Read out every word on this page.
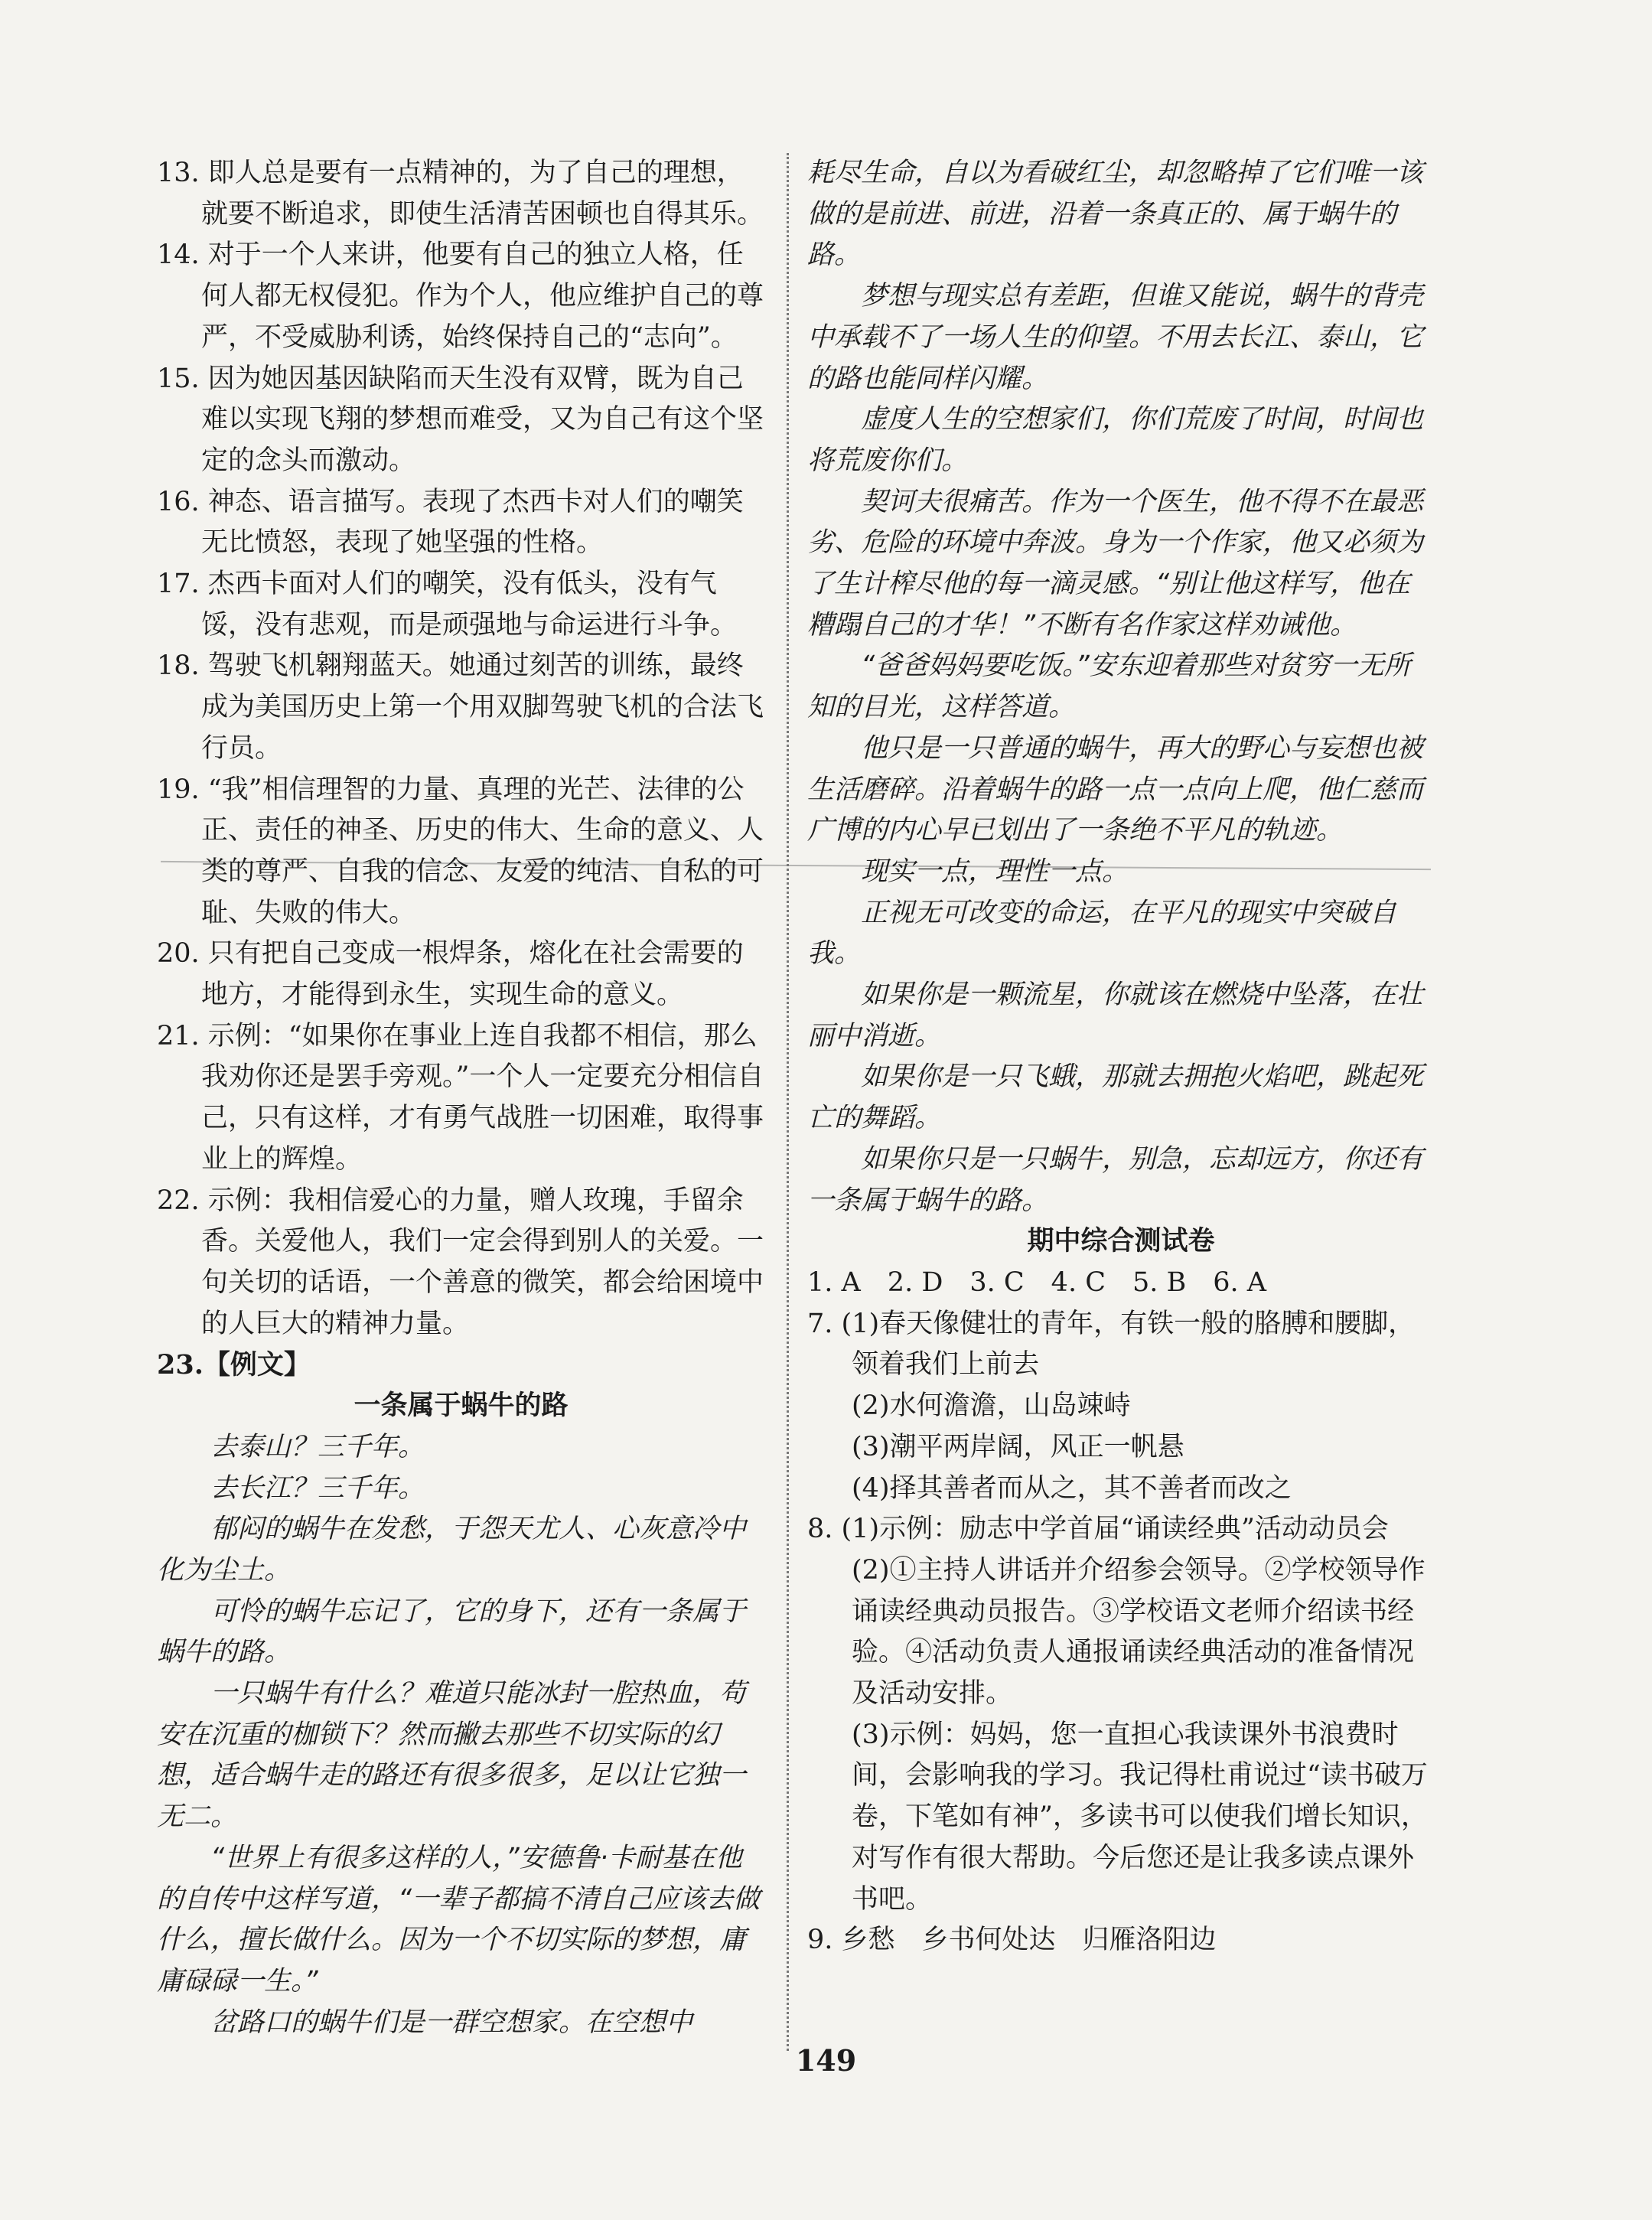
13. 即人总是要有一点精神的，为了自己的理想，就要不断追求，即使生活清苦困顿也自得其乐。

14. 对于一个人来讲，他要有自己的独立人格，任何人都无权侵犯。作为个人，他应维护自己的尊严，不受威胁利诱，始终保持自己的“志向”。

15. 因为她因基因缺陷而天生没有双臂，既为自己难以实现飞翔的梦想而难受，又为自己有这个坚定的念头而激动。

16. 神态、语言描写。表现了杰西卡对人们的嘲笑无比愤怒，表现了她坚强的性格。

17. 杰西卡面对人们的嘲笑，没有低头，没有气馁，没有悲观，而是顽强地与命运进行斗争。

18. 驾驶飞机翱翔蓝天。她通过刻苦的训练，最终成为美国历史上第一个用双脚驾驶飞机的合法飞行员。

19. “我”相信理智的力量、真理的光芒、法律的公正、责任的神圣、历史的伟大、生命的意义、人类的尊严、自我的信念、友爱的纯洁、自私的可耻、失败的伟大。

20. 只有把自己变成一根焊条，熔化在社会需要的地方，才能得到永生，实现生命的意义。

21. 示例：“如果你在事业上连自我都不相信，那么我劝你还是罢手旁观。”一个人一定要充分相信自己，只有这样，才有勇气战胜一切困难，取得事业上的辉煌。

22. 示例：我相信爱心的力量，赠人玫瑰，手留余香。关爱他人，我们一定会得到别人的关爱。一句关切的话语，一个善意的微笑，都会给困境中的人巨大的精神力量。

23.【例文】

一条属于蜗牛的路

去泰山？三千年。

去长江？三千年。

郁闷的蜗牛在发愁，于怨天尤人、心灰意冷中化为尘土。

可怜的蜗牛忘记了，它的身下，还有一条属于蜗牛的路。

一只蜗牛有什么？难道只能冰封一腔热血，苟安在沉重的枷锁下？然而撇去那些不切实际的幻想，适合蜗牛走的路还有很多很多，足以让它独一无二。

“世界上有很多这样的人，”安德鲁·卡耐基在他的自传中这样写道，“一辈子都搞不清自己应该去做什么，擅长做什么。因为一个不切实际的梦想，庸庸碌碌一生。”

岔路口的蜗牛们是一群空想家。在空想中

耗尽生命，自以为看破红尘，却忽略掉了它们唯一该做的是前进、前进，沿着一条真正的、属于蜗牛的路。

梦想与现实总有差距，但谁又能说，蜗牛的背壳中承载不了一场人生的仰望。不用去长江、泰山，它的路也能同样闪耀。

虚度人生的空想家们，你们荒废了时间，时间也将荒废你们。

契诃夫很痛苦。作为一个医生，他不得不在最恶劣、危险的环境中奔波。身为一个作家，他又必须为了生计榨尽他的每一滴灵感。“别让他这样写，他在糟蹋自己的才华！”不断有名作家这样劝诫他。

“爸爸妈妈要吃饭。”安东迎着那些对贫穷一无所知的目光，这样答道。

他只是一只普通的蜗牛，再大的野心与妄想也被生活磨碎。沿着蜗牛的路一点一点向上爬，他仁慈而广博的内心早已划出了一条绝不平凡的轨迹。

现实一点，理性一点。

正视无可改变的命运，在平凡的现实中突破自我。

如果你是一颗流星，你就该在燃烧中坠落，在壮丽中消逝。

如果你是一只飞蛾，那就去拥抱火焰吧，跳起死亡的舞蹈。

如果你只是一只蜗牛，别急，忘却远方，你还有一条属于蜗牛的路。

期中综合测试卷

1. A　2. D　3. C　4. C　5. B　6. A

7. (1)春天像健壮的青年，有铁一般的胳膊和腰脚，领着我们上前去

(2)水何澹澹，山岛竦峙

(3)潮平两岸阔，风正一帆悬

(4)择其善者而从之，其不善者而改之

8. (1)示例：励志中学首届“诵读经典”活动动员会

(2)①主持人讲话并介绍参会领导。②学校领导作诵读经典动员报告。③学校语文老师介绍读书经验。④活动负责人通报诵读经典活动的准备情况及活动安排。

(3)示例：妈妈，您一直担心我读课外书浪费时间，会影响我的学习。我记得杜甫说过“读书破万卷，下笔如有神”，多读书可以使我们增长知识，对写作有很大帮助。今后您还是让我多读点课外书吧。

9. 乡愁　乡书何处达　归雁洛阳边

149
